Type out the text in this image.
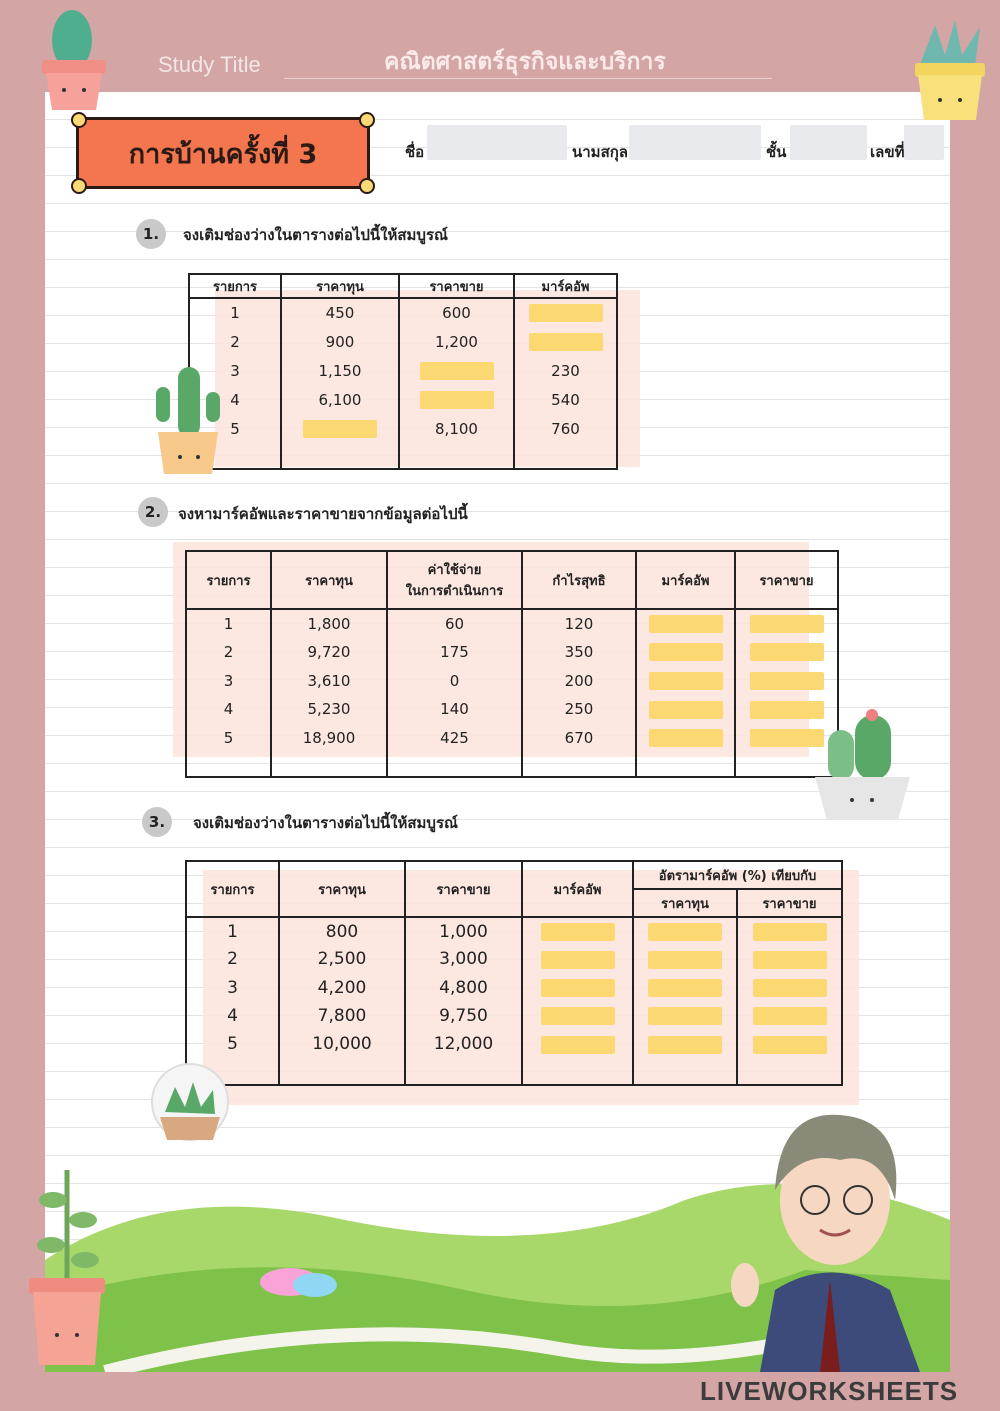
Study Title	คณิตศาสตร์ธุรกิจและบริการ
การบ้านครั้งที่ 3	ชื่อ	นามสกุล	ชั้น	เลขที่
1.	จงเติมช่องว่างในตารางต่อไปนี้ให้สมบูรณ์
รายการ	ราคาทุน	ราคาขาย	มาร์คอัพ
1	450	600	
2	900	1,200	
3	1,150		230
4	6,100		540
5		8,100	760

2.	จงหามาร์คอัพและราคาขายจากข้อมูลต่อไปนี้
รายการ	ราคาทุน	ค่าใช้จ่าย
ในการดำเนินการ	กำไรสุทธิ	มาร์คอัพ	ราคาขาย
1	1,800	60	120		
2	9,720	175	350		
3	3,610	0	200		
4	5,230	140	250		
5	18,900	425	670		

3.	จงเติมช่องว่างในตารางต่อไปนี้ให้สมบูรณ์
รายการ	ราคาทุน	ราคาขาย	มาร์คอัพ	อัตรามาร์คอัพ (%) เทียบกับ	
				ราคาทุน	ราคาขาย
1	800	1,000			
2	2,500	3,000			
3	4,200	4,800			
4	7,800	9,750			
5	10,000	12,000			

LIVEWORKSHEETS
